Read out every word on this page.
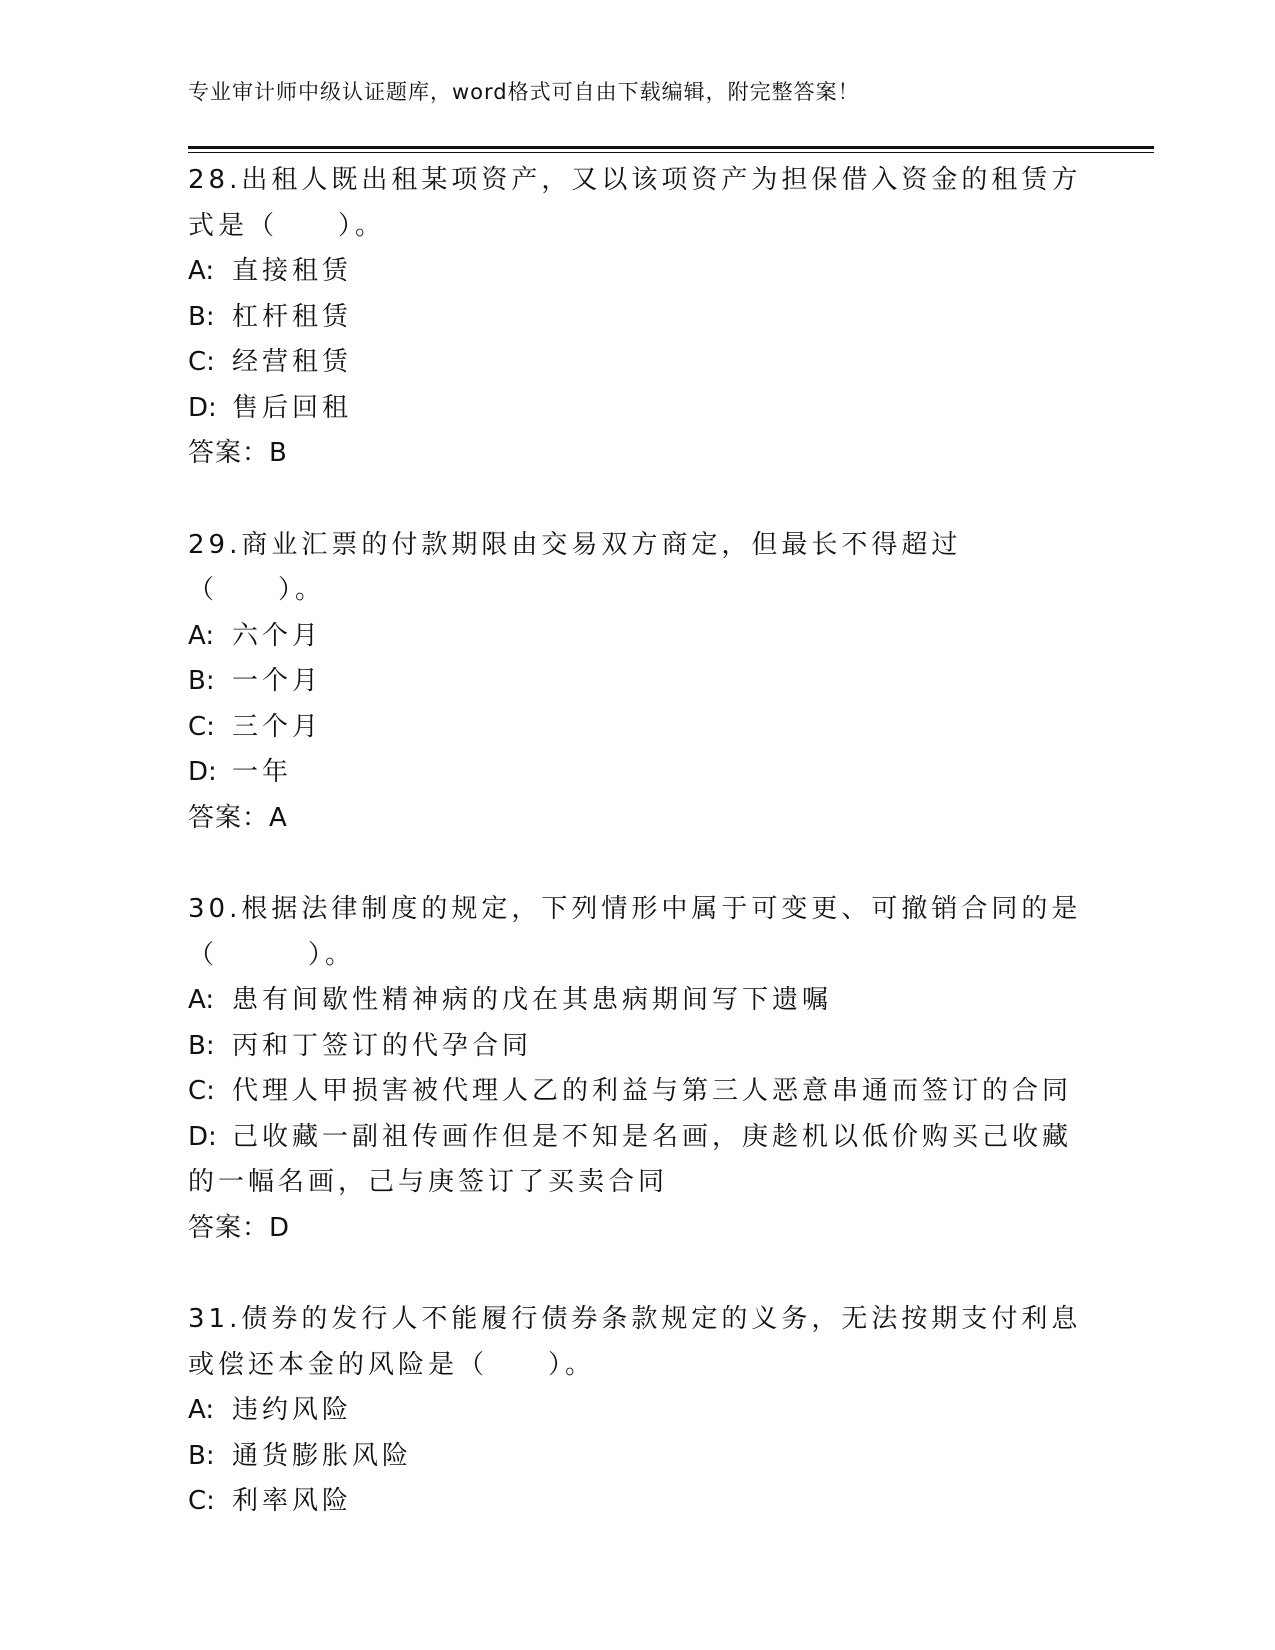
专业审计师中级认证题库，word格式可自由下载编辑，附完整答案！

28.出租人既出租某项资产，又以该项资产为担保借入资金的租赁方式是（　　）。

A: 直接租赁

B: 杠杆租赁

C: 经营租赁

D: 售后回租

答案：B

29.商业汇票的付款期限由交易双方商定，但最长不得超过（　　）。

A: 六个月

B: 一个月

C: 三个月

D: 一年

答案：A

30.根据法律制度的规定，下列情形中属于可变更、可撤销合同的是（　　　）。

A: 患有间歇性精神病的戊在其患病期间写下遗嘱

B: 丙和丁签订的代孕合同

C: 代理人甲损害被代理人乙的利益与第三人恶意串通而签订的合同

D: 己收藏一副祖传画作但是不知是名画，庚趁机以低价购买己收藏的一幅名画，己与庚签订了买卖合同

答案：D

31.债券的发行人不能履行债券条款规定的义务，无法按期支付利息或偿还本金的风险是（　　）。

A: 违约风险

B: 通货膨胀风险

C: 利率风险
